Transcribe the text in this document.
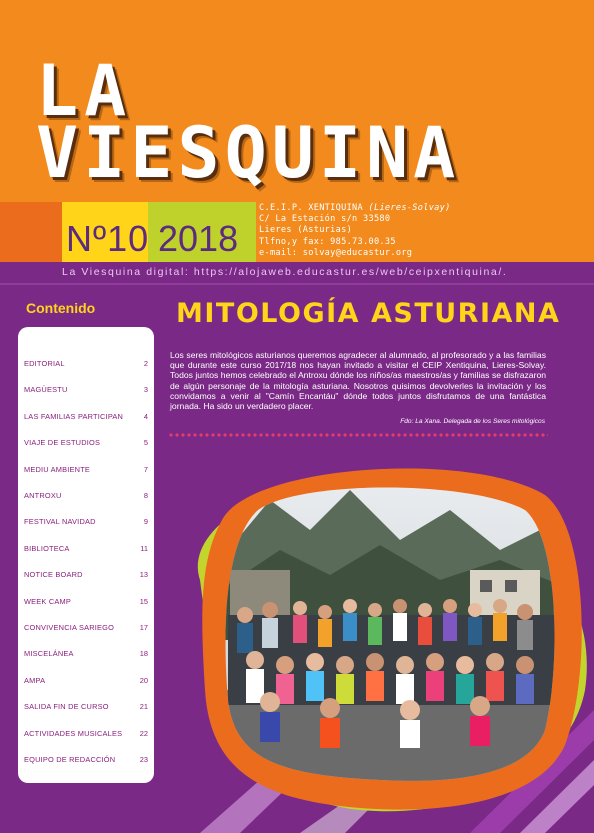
LA
VIESQUINA
Nº10 2018
C.E.I.P. XENTIQUINA (Lieres-Solvay)
C/ La Estación s/n 33580
Lieres (Asturias)
Tlfno,y fax: 985.73.00.35
e-mail: solvay@educastur.org
La Viesquina digital: https://alojaweb.educastur.es/web/ceipxentiquina/.
Contenido
EDITORIAL	2
MAGÜESTU	3
LAS FAMILIAS PARTICIPAN	4
VIAJE DE ESTUDIOS	5
MEDIU AMBIENTE	7
ANTROXU	8
FESTIVAL NAVIDAD	9
BIBLIOTECA	11
NOTICE BOARD	13
WEEK CAMP	15
CONVIVENCIA SARIEGO	17
MISCELÁNEA	18
AMPA	20
SALIDA FIN DE CURSO	21
ACTIVIDADES MUSICALES 22
EQUIPO DE REDACCIÓN	23
MITOLOGÍA ASTURIANA
Los seres mitológicos asturianos queremos agradecer al alumnado, al profesorado y a las familias que durante este curso 2017/18 nos hayan invitado a visitar el CEIP Xentiquina, Lieres-Solvay. Todos juntos hemos celebrado el Antroxu dónde los niños/as maestros/as y familias se disfrazaron de algún personaje de la mitología asturiana. Nosotros quisimos devolverles la invitación y los convidamos a venir al "Camín Encantáu" dónde todos juntos disfrutamos de una fantástica jornada. Ha sido un verdadero placer.
Fdo: La Xana. Delegada de los Seres mitológicos
